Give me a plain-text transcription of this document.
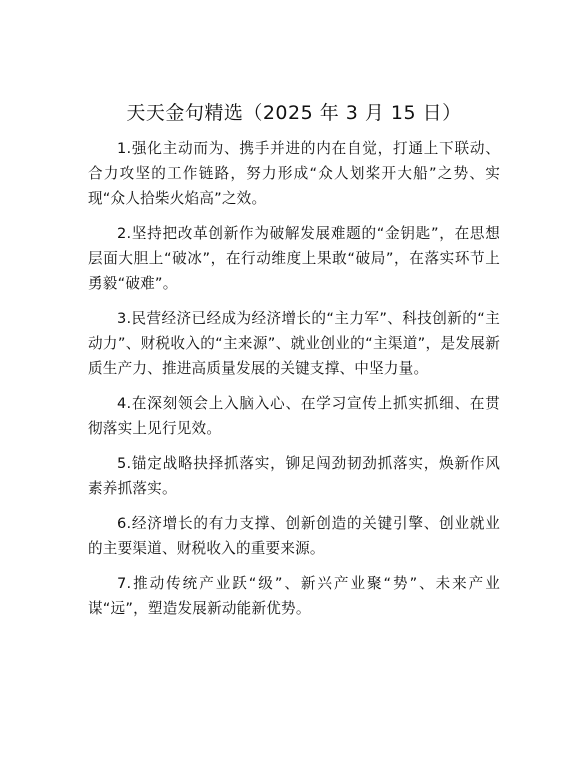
天天金句精选（2025 年 3 月 15 日）

1.强化主动而为、携手并进的内在自觉，打通上下联动、合力攻坚的工作链路，努力形成“众人划桨开大船”之势、实现“众人拾柴火焰高”之效。

2.坚持把改革创新作为破解发展难题的“金钥匙”，在思想层面大胆上“破冰”，在行动维度上果敢“破局”，在落实环节上勇毅“破难”。

3.民营经济已经成为经济增长的“主力军”、科技创新的“主动力”、财税收入的“主来源”、就业创业的“主渠道”，是发展新质生产力、推进高质量发展的关键支撑、中坚力量。

4.在深刻领会上入脑入心、在学习宣传上抓实抓细、在贯彻落实上见行见效。

5.锚定战略抉择抓落实，铆足闯劲韧劲抓落实，焕新作风素养抓落实。

6.经济增长的有力支撑、创新创造的关键引擎、创业就业的主要渠道、财税收入的重要来源。

7.推动传统产业跃“级”、新兴产业聚“势”、未来产业谋“远”，塑造发展新动能新优势。
